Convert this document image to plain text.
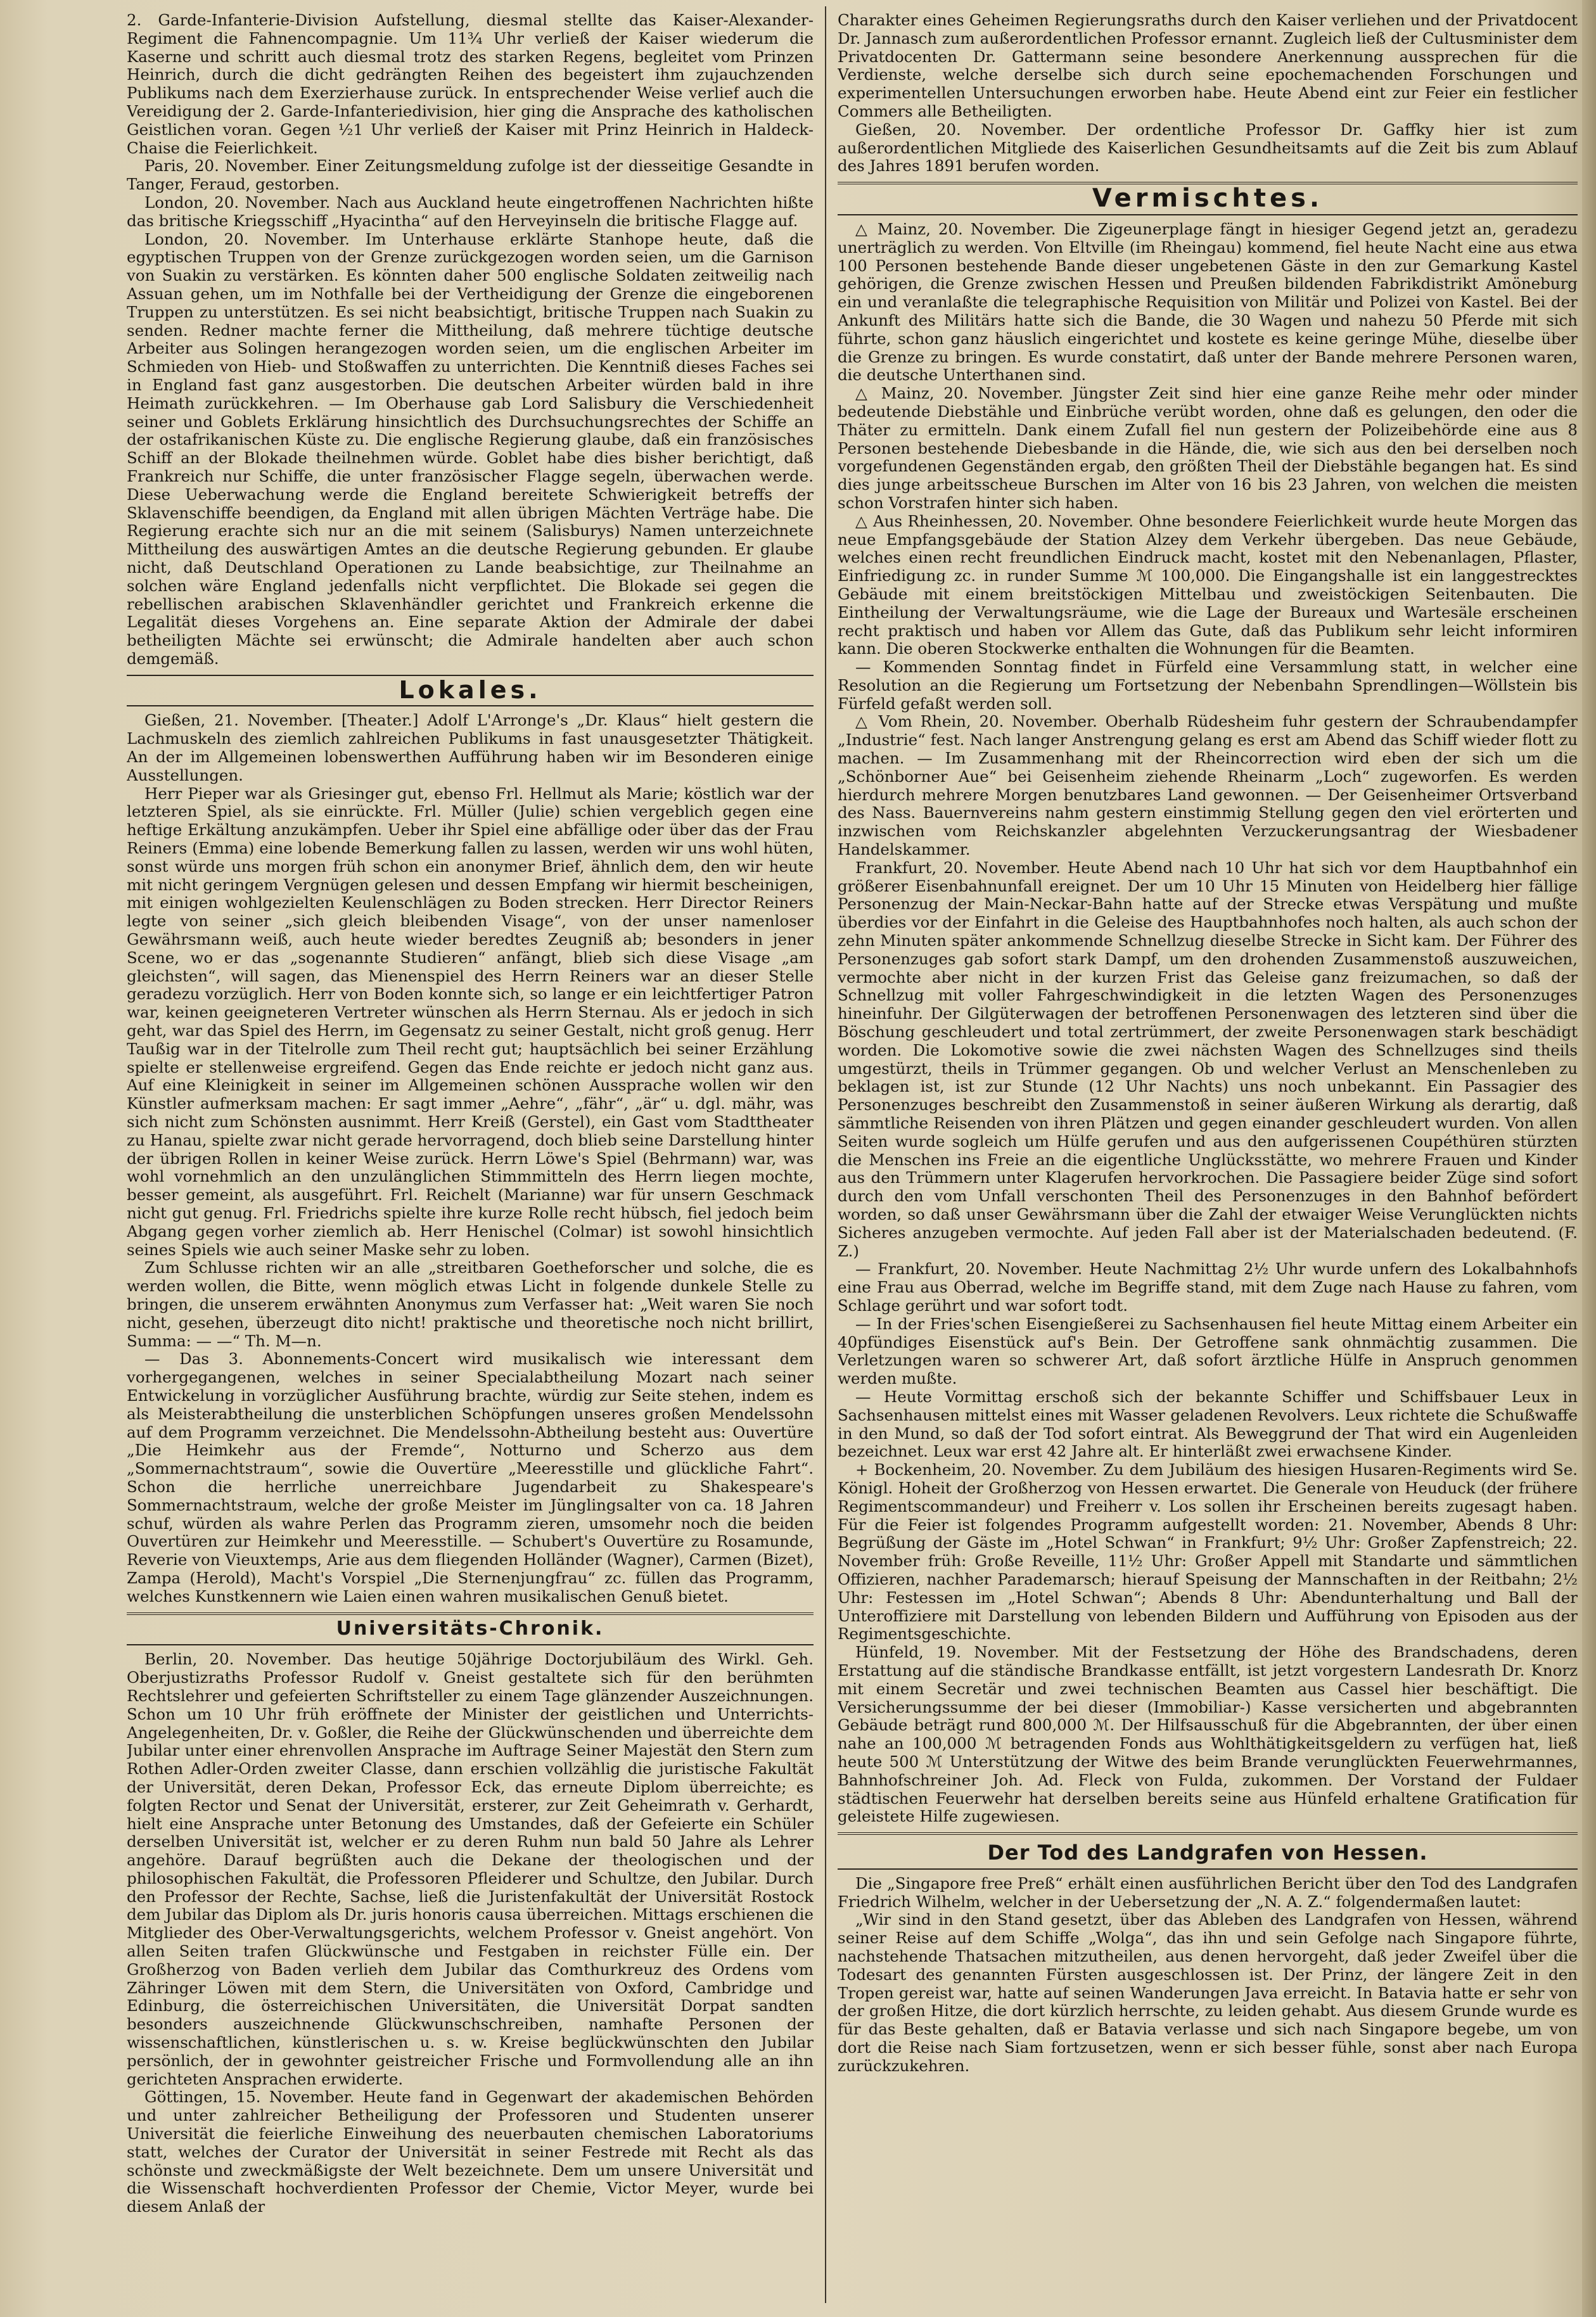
2. Garde-Infanterie-Division Aufstellung, diesmal stellte das Kaiser-Alexander-Regiment die Fahnencompagnie. Um 11¾ Uhr verließ der Kaiser wiederum die Kaserne und schritt auch diesmal trotz des starken Regens, begleitet vom Prinzen Heinrich, durch die dicht gedrängten Reihen des begeistert ihm zujauchzenden Publikums nach dem Exerzierhause zurück. In entsprechender Weise verlief auch die Vereidigung der 2. Garde-Infanteriedivision, hier ging die Ansprache des katholischen Geistlichen voran. Gegen ½1 Uhr verließ der Kaiser mit Prinz Heinrich in Haldeck-Chaise die Feierlichkeit.

Paris, 20. November. Einer Zeitungsmeldung zufolge ist der diesseitige Gesandte in Tanger, Feraud, gestorben.

London, 20. November. Nach aus Auckland heute eingetroffenen Nachrichten hißte das britische Kriegsschiff „Hyacintha“ auf den Herveyinseln die britische Flagge auf.

London, 20. November. Im Unterhause erklärte Stanhope heute, daß die egyptischen Truppen von der Grenze zurückgezogen worden seien, um die Garnison von Suakin zu verstärken. Es könnten daher 500 englische Soldaten zeitweilig nach Assuan gehen, um im Nothfalle bei der Vertheidigung der Grenze die eingeborenen Truppen zu unterstützen. Es sei nicht beabsichtigt, britische Truppen nach Suakin zu senden. Redner machte ferner die Mittheilung, daß mehrere tüchtige deutsche Arbeiter aus Solingen herangezogen worden seien, um die englischen Arbeiter im Schmieden von Hieb- und Stoßwaffen zu unterrichten. Die Kenntniß dieses Faches sei in England fast ganz ausgestorben. Die deutschen Arbeiter würden bald in ihre Heimath zurückkehren. — Im Oberhause gab Lord Salisbury die Verschiedenheit seiner und Goblets Erklärung hinsichtlich des Durchsuchungsrechtes der Schiffe an der ostafrikanischen Küste zu. Die englische Regierung glaube, daß ein französisches Schiff an der Blokade theilnehmen würde. Goblet habe dies bisher berichtigt, daß Frankreich nur Schiffe, die unter französischer Flagge segeln, überwachen werde. Diese Ueberwachung werde die England bereitete Schwierigkeit betreffs der Sklavenschiffe beendigen, da England mit allen übrigen Mächten Verträge habe. Die Regierung erachte sich nur an die mit seinem (Salisburys) Namen unterzeichnete Mittheilung des auswärtigen Amtes an die deutsche Regierung gebunden. Er glaube nicht, daß Deutschland Operationen zu Lande beabsichtige, zur Theilnahme an solchen wäre England jedenfalls nicht verpflichtet. Die Blokade sei gegen die rebellischen arabischen Sklavenhändler gerichtet und Frankreich erkenne die Legalität dieses Vorgehens an. Eine separate Aktion der Admirale der dabei betheiligten Mächte sei erwünscht; die Admirale handelten aber auch schon demgemäß.

Lokales.

Gießen, 21. November. [Theater.] Adolf L'Arronge's „Dr. Klaus“ hielt gestern die Lachmuskeln des ziemlich zahlreichen Publikums in fast unausgesetzter Thätigkeit. An der im Allgemeinen lobenswerthen Aufführung haben wir im Besonderen einige Ausstellungen.

Herr Pieper war als Griesinger gut, ebenso Frl. Hellmut als Marie; köstlich war der letzteren Spiel, als sie einrückte. Frl. Müller (Julie) schien vergeblich gegen eine heftige Erkältung anzukämpfen. Ueber ihr Spiel eine abfällige oder über das der Frau Reiners (Emma) eine lobende Bemerkung fallen zu lassen, werden wir uns wohl hüten, sonst würde uns morgen früh schon ein anonymer Brief, ähnlich dem, den wir heute mit nicht geringem Vergnügen gelesen und dessen Empfang wir hiermit bescheinigen, mit einigen wohlgezielten Keulenschlägen zu Boden strecken. Herr Director Reiners legte von seiner „sich gleich bleibenden Visage“, von der unser namenloser Gewährsmann weiß, auch heute wieder beredtes Zeugniß ab; besonders in jener Scene, wo er das „sogenannte Studieren“ anfängt, blieb sich diese Visage „am gleichsten“, will sagen, das Mienenspiel des Herrn Reiners war an dieser Stelle geradezu vorzüglich. Herr von Boden konnte sich, so lange er ein leichtfertiger Patron war, keinen geeigneteren Vertreter wünschen als Herrn Sternau. Als er jedoch in sich geht, war das Spiel des Herrn, im Gegensatz zu seiner Gestalt, nicht groß genug. Herr Taußig war in der Titelrolle zum Theil recht gut; hauptsächlich bei seiner Erzählung spielte er stellenweise ergreifend. Gegen das Ende reichte er jedoch nicht ganz aus. Auf eine Kleinigkeit in seiner im Allgemeinen schönen Aussprache wollen wir den Künstler aufmerksam machen: Er sagt immer „Aehre“, „fähr“, „är“ u. dgl. mähr, was sich nicht zum Schönsten ausnimmt. Herr Kreiß (Gerstel), ein Gast vom Stadttheater zu Hanau, spielte zwar nicht gerade hervorragend, doch blieb seine Darstellung hinter der übrigen Rollen in keiner Weise zurück. Herrn Löwe's Spiel (Behrmann) war, was wohl vornehmlich an den unzulänglichen Stimmmitteln des Herrn liegen mochte, besser gemeint, als ausgeführt. Frl. Reichelt (Marianne) war für unsern Geschmack nicht gut genug. Frl. Friedrichs spielte ihre kurze Rolle recht hübsch, fiel jedoch beim Abgang gegen vorher ziemlich ab. Herr Henischel (Colmar) ist sowohl hinsichtlich seines Spiels wie auch seiner Maske sehr zu loben.

Zum Schlusse richten wir an alle „streitbaren Goetheforscher und solche, die es werden wollen, die Bitte, wenn möglich etwas Licht in folgende dunkele Stelle zu bringen, die unserem erwähnten Anonymus zum Verfasser hat: „Weit waren Sie noch nicht, gesehen, überzeugt dito nicht! praktische und theoretische noch nicht brillirt, Summa: — —“ Th. M—n.

— Das 3. Abonnements-Concert wird musikalisch wie interessant dem vorhergegangenen, welches in seiner Specialabtheilung Mozart nach seiner Entwickelung in vorzüglicher Ausführung brachte, würdig zur Seite stehen, indem es als Meisterabtheilung die unsterblichen Schöpfungen unseres großen Mendelssohn auf dem Programm verzeichnet. Die Mendelssohn-Abtheilung besteht aus: Ouvertüre „Die Heimkehr aus der Fremde“, Notturno und Scherzo aus dem „Sommernachtstraum“, sowie die Ouvertüre „Meeresstille und glückliche Fahrt“. Schon die herrliche unerreichbare Jugendarbeit zu Shakespeare's Sommernachtstraum, welche der große Meister im Jünglingsalter von ca. 18 Jahren schuf, würden als wahre Perlen das Programm zieren, umsomehr noch die beiden Ouvertüren zur Heimkehr und Meeresstille. — Schubert's Ouvertüre zu Rosamunde, Reverie von Vieuxtemps, Arie aus dem fliegenden Holländer (Wagner), Carmen (Bizet), Zampa (Herold), Macht's Vorspiel „Die Sternenjungfrau“ zc. füllen das Programm, welches Kunstkennern wie Laien einen wahren musikalischen Genuß bietet.

Universitäts-Chronik.

Berlin, 20. November. Das heutige 50jährige Doctorjubiläum des Wirkl. Geh. Oberjustizraths Professor Rudolf v. Gneist gestaltete sich für den berühmten Rechtslehrer und gefeierten Schriftsteller zu einem Tage glänzender Auszeichnungen. Schon um 10 Uhr früh eröffnete der Minister der geistlichen und Unterrichts-Angelegenheiten, Dr. v. Goßler, die Reihe der Glückwünschenden und überreichte dem Jubilar unter einer ehrenvollen Ansprache im Auftrage Seiner Majestät den Stern zum Rothen Adler-Orden zweiter Classe, dann erschien vollzählig die juristische Fakultät der Universität, deren Dekan, Professor Eck, das erneute Diplom überreichte; es folgten Rector und Senat der Universität, ersterer, zur Zeit Geheimrath v. Gerhardt, hielt eine Ansprache unter Betonung des Umstandes, daß der Gefeierte ein Schüler derselben Universität ist, welcher er zu deren Ruhm nun bald 50 Jahre als Lehrer angehöre. Darauf begrüßten auch die Dekane der theologischen und der philosophischen Fakultät, die Professoren Pfleiderer und Schultze, den Jubilar. Durch den Professor der Rechte, Sachse, ließ die Juristenfakultät der Universität Rostock dem Jubilar das Diplom als Dr. juris honoris causa überreichen. Mittags erschienen die Mitglieder des Ober-Verwaltungsgerichts, welchem Professor v. Gneist angehört. Von allen Seiten trafen Glückwünsche und Festgaben in reichster Fülle ein. Der Großherzog von Baden verlieh dem Jubilar das Comthurkreuz des Ordens vom Zähringer Löwen mit dem Stern, die Universitäten von Oxford, Cambridge und Edinburg, die österreichischen Universitäten, die Universität Dorpat sandten besonders auszeichnende Glückwunschschreiben, namhafte Personen der wissenschaftlichen, künstlerischen u. s. w. Kreise beglückwünschten den Jubilar persönlich, der in gewohnter geistreicher Frische und Formvollendung alle an ihn gerichteten Ansprachen erwiderte.

Göttingen, 15. November. Heute fand in Gegenwart der akademischen Behörden und unter zahlreicher Betheiligung der Professoren und Studenten unserer Universität die feierliche Einweihung des neuerbauten chemischen Laboratoriums statt, welches der Curator der Universität in seiner Festrede mit Recht als das schönste und zweckmäßigste der Welt bezeichnete. Dem um unsere Universität und die Wissenschaft hochverdienten Professor der Chemie, Victor Meyer, wurde bei diesem Anlaß der

Charakter eines Geheimen Regierungsraths durch den Kaiser verliehen und der Privatdocent Dr. Jannasch zum außerordentlichen Professor ernannt. Zugleich ließ der Cultusminister dem Privatdocenten Dr. Gattermann seine besondere Anerkennung aussprechen für die Verdienste, welche derselbe sich durch seine epochemachenden Forschungen und experimentellen Untersuchungen erworben habe. Heute Abend eint zur Feier ein festlicher Commers alle Betheiligten.

Gießen, 20. November. Der ordentliche Professor Dr. Gaffky hier ist zum außerordentlichen Mitgliede des Kaiserlichen Gesundheitsamts auf die Zeit bis zum Ablauf des Jahres 1891 berufen worden.

Vermischtes.

△ Mainz, 20. November. Die Zigeunerplage fängt in hiesiger Gegend jetzt an, geradezu unerträglich zu werden. Von Eltville (im Rheingau) kommend, fiel heute Nacht eine aus etwa 100 Personen bestehende Bande dieser ungebetenen Gäste in den zur Gemarkung Kastel gehörigen, die Grenze zwischen Hessen und Preußen bildenden Fabrikdistrikt Amöneburg ein und veranlaßte die telegraphische Requisition von Militär und Polizei von Kastel. Bei der Ankunft des Militärs hatte sich die Bande, die 30 Wagen und nahezu 50 Pferde mit sich führte, schon ganz häuslich eingerichtet und kostete es keine geringe Mühe, dieselbe über die Grenze zu bringen. Es wurde constatirt, daß unter der Bande mehrere Personen waren, die deutsche Unterthanen sind.

△ Mainz, 20. November. Jüngster Zeit sind hier eine ganze Reihe mehr oder minder bedeutende Diebstähle und Einbrüche verübt worden, ohne daß es gelungen, den oder die Thäter zu ermitteln. Dank einem Zufall fiel nun gestern der Polizeibehörde eine aus 8 Personen bestehende Diebesbande in die Hände, die, wie sich aus den bei derselben noch vorgefundenen Gegenständen ergab, den größten Theil der Diebstähle begangen hat. Es sind dies junge arbeitsscheue Burschen im Alter von 16 bis 23 Jahren, von welchen die meisten schon Vorstrafen hinter sich haben.

△ Aus Rheinhessen, 20. November. Ohne besondere Feierlichkeit wurde heute Morgen das neue Empfangsgebäude der Station Alzey dem Verkehr übergeben. Das neue Gebäude, welches einen recht freundlichen Eindruck macht, kostet mit den Nebenanlagen, Pflaster, Einfriedigung zc. in runder Summe ℳ 100,000. Die Eingangshalle ist ein langgestrecktes Gebäude mit einem breitstöckigen Mittelbau und zweistöckigen Seitenbauten. Die Eintheilung der Verwaltungsräume, wie die Lage der Bureaux und Wartesäle erscheinen recht praktisch und haben vor Allem das Gute, daß das Publikum sehr leicht informiren kann. Die oberen Stockwerke enthalten die Wohnungen für die Beamten.

— Kommenden Sonntag findet in Fürfeld eine Versammlung statt, in welcher eine Resolution an die Regierung um Fortsetzung der Nebenbahn Sprendlingen—Wöllstein bis Fürfeld gefaßt werden soll.

△ Vom Rhein, 20. November. Oberhalb Rüdesheim fuhr gestern der Schraubendampfer „Industrie“ fest. Nach langer Anstrengung gelang es erst am Abend das Schiff wieder flott zu machen. — Im Zusammenhang mit der Rheincorrection wird eben der sich um die „Schönborner Aue“ bei Geisenheim ziehende Rheinarm „Loch“ zugeworfen. Es werden hierdurch mehrere Morgen benutzbares Land gewonnen. — Der Geisenheimer Ortsverband des Nass. Bauernvereins nahm gestern einstimmig Stellung gegen den viel erörterten und inzwischen vom Reichskanzler abgelehnten Verzuckerungsantrag der Wiesbadener Handelskammer.

Frankfurt, 20. November. Heute Abend nach 10 Uhr hat sich vor dem Hauptbahnhof ein größerer Eisenbahnunfall ereignet. Der um 10 Uhr 15 Minuten von Heidelberg hier fällige Personenzug der Main-Neckar-Bahn hatte auf der Strecke etwas Verspätung und mußte überdies vor der Einfahrt in die Geleise des Hauptbahnhofes noch halten, als auch schon der zehn Minuten später ankommende Schnellzug dieselbe Strecke in Sicht kam. Der Führer des Personenzuges gab sofort stark Dampf, um den drohenden Zusammenstoß auszuweichen, vermochte aber nicht in der kurzen Frist das Geleise ganz freizumachen, so daß der Schnellzug mit voller Fahrgeschwindigkeit in die letzten Wagen des Personenzuges hineinfuhr. Der Gilgüterwagen der betroffenen Personenwagen des letzteren sind über die Böschung geschleudert und total zertrümmert, der zweite Personenwagen stark beschädigt worden. Die Lokomotive sowie die zwei nächsten Wagen des Schnellzuges sind theils umgestürzt, theils in Trümmer gegangen. Ob und welcher Verlust an Menschenleben zu beklagen ist, ist zur Stunde (12 Uhr Nachts) uns noch unbekannt. Ein Passagier des Personenzuges beschreibt den Zusammenstoß in seiner äußeren Wirkung als derartig, daß sämmtliche Reisenden von ihren Plätzen und gegen einander geschleudert wurden. Von allen Seiten wurde sogleich um Hülfe gerufen und aus den aufgerissenen Coupéthüren stürzten die Menschen ins Freie an die eigentliche Unglücksstätte, wo mehrere Frauen und Kinder aus den Trümmern unter Klagerufen hervorkrochen. Die Passagiere beider Züge sind sofort durch den vom Unfall verschonten Theil des Personenzuges in den Bahnhof befördert worden, so daß unser Gewährsmann über die Zahl der etwaiger Weise Verunglückten nichts Sicheres anzugeben vermochte. Auf jeden Fall aber ist der Materialschaden bedeutend. (F. Z.)

— Frankfurt, 20. November. Heute Nachmittag 2½ Uhr wurde unfern des Lokalbahnhofs eine Frau aus Oberrad, welche im Begriffe stand, mit dem Zuge nach Hause zu fahren, vom Schlage gerührt und war sofort todt.

— In der Fries'schen Eisengießerei zu Sachsenhausen fiel heute Mittag einem Arbeiter ein 40pfündiges Eisenstück auf's Bein. Der Getroffene sank ohnmächtig zusammen. Die Verletzungen waren so schwerer Art, daß sofort ärztliche Hülfe in Anspruch genommen werden mußte.

— Heute Vormittag erschoß sich der bekannte Schiffer und Schiffsbauer Leux in Sachsenhausen mittelst eines mit Wasser geladenen Revolvers. Leux richtete die Schußwaffe in den Mund, so daß der Tod sofort eintrat. Als Beweggrund der That wird ein Augenleiden bezeichnet. Leux war erst 42 Jahre alt. Er hinterläßt zwei erwachsene Kinder.

+ Bockenheim, 20. November. Zu dem Jubiläum des hiesigen Husaren-Regiments wird Se. Königl. Hoheit der Großherzog von Hessen erwartet. Die Generale von Heuduck (der frühere Regimentscommandeur) und Freiherr v. Los sollen ihr Erscheinen bereits zugesagt haben. Für die Feier ist folgendes Programm aufgestellt worden: 21. November, Abends 8 Uhr: Begrüßung der Gäste im „Hotel Schwan“ in Frankfurt; 9½ Uhr: Großer Zapfenstreich; 22. November früh: Große Reveille, 11½ Uhr: Großer Appell mit Standarte und sämmtlichen Offizieren, nachher Parademarsch; hierauf Speisung der Mannschaften in der Reitbahn; 2½ Uhr: Festessen im „Hotel Schwan“; Abends 8 Uhr: Abendunterhaltung und Ball der Unteroffiziere mit Darstellung von lebenden Bildern und Aufführung von Episoden aus der Regimentsgeschichte.

Hünfeld, 19. November. Mit der Festsetzung der Höhe des Brandschadens, deren Erstattung auf die ständische Brandkasse entfällt, ist jetzt vorgestern Landesrath Dr. Knorz mit einem Secretär und zwei technischen Beamten aus Cassel hier beschäftigt. Die Versicherungssumme der bei dieser (Immobiliar-) Kasse versicherten und abgebrannten Gebäude beträgt rund 800,000 ℳ. Der Hilfsausschuß für die Abgebrannten, der über einen nahe an 100,000 ℳ betragenden Fonds aus Wohlthätigkeitsgeldern zu verfügen hat, ließ heute 500 ℳ Unterstützung der Witwe des beim Brande verunglückten Feuerwehrmannes, Bahnhofschreiner Joh. Ad. Fleck von Fulda, zukommen. Der Vorstand der Fuldaer städtischen Feuerwehr hat derselben bereits seine aus Hünfeld erhaltene Gratification für geleistete Hilfe zugewiesen.

Der Tod des Landgrafen von Hessen.

Die „Singapore free Preß“ erhält einen ausführlichen Bericht über den Tod des Landgrafen Friedrich Wilhelm, welcher in der Uebersetzung der „N. A. Z.“ folgendermaßen lautet:

„Wir sind in den Stand gesetzt, über das Ableben des Landgrafen von Hessen, während seiner Reise auf dem Schiffe „Wolga“, das ihn und sein Gefolge nach Singapore führte, nachstehende Thatsachen mitzutheilen, aus denen hervorgeht, daß jeder Zweifel über die Todesart des genannten Fürsten ausgeschlossen ist. Der Prinz, der längere Zeit in den Tropen gereist war, hatte auf seinen Wanderungen Java erreicht. In Batavia hatte er sehr von der großen Hitze, die dort kürzlich herrschte, zu leiden gehabt. Aus diesem Grunde wurde es für das Beste gehalten, daß er Batavia verlasse und sich nach Singapore begebe, um von dort die Reise nach Siam fortzusetzen, wenn er sich besser fühle, sonst aber nach Europa zurückzukehren.
